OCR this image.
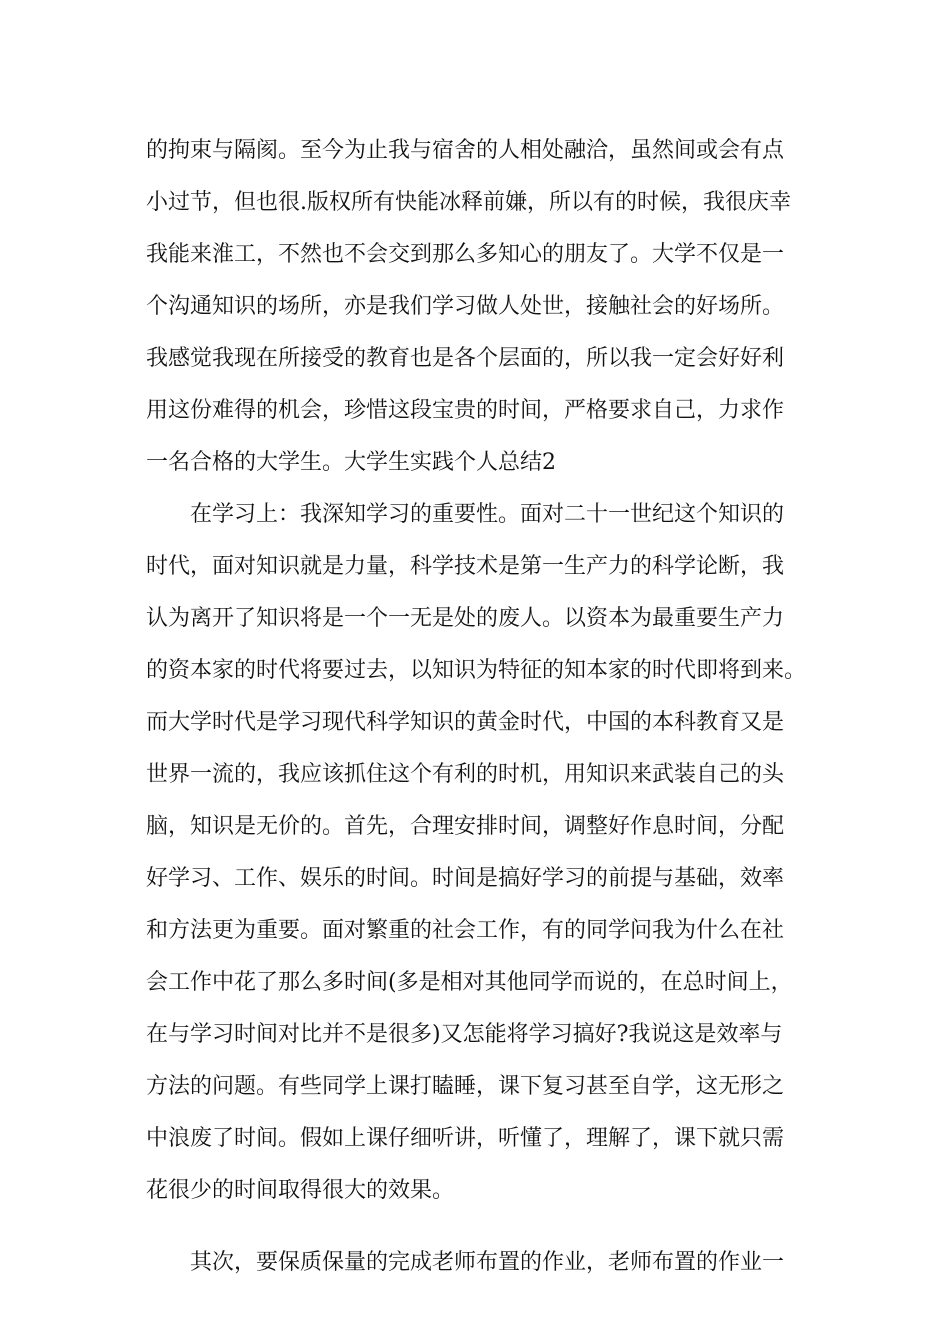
的拘束与隔阂。至今为止我与宿舍的人相处融洽，虽然间或会有点
小过节，但也很.版权所有快能冰释前嫌，所以有的时候，我很庆幸
我能来淮工，不然也不会交到那么多知心的朋友了。大学不仅是一
个沟通知识的场所，亦是我们学习做人处世，接触社会的好场所。
我感觉我现在所接受的教育也是各个层面的，所以我一定会好好利
用这份难得的机会，珍惜这段宝贵的时间，严格要求自己，力求作
一名合格的大学生。大学生实践个人总结2
在学习上：我深知学习的重要性。面对二十一世纪这个知识的
时代，面对知识就是力量，科学技术是第一生产力的科学论断，我
认为离开了知识将是一个一无是处的废人。以资本为最重要生产力
的资本家的时代将要过去，以知识为特征的知本家的时代即将到来。
而大学时代是学习现代科学知识的黄金时代，中国的本科教育又是
世界一流的，我应该抓住这个有利的时机，用知识来武装自己的头
脑，知识是无价的。首先，合理安排时间，调整好作息时间，分配
好学习、工作、娱乐的时间。时间是搞好学习的前提与基础，效率
和方法更为重要。面对繁重的社会工作，有的同学问我为什么在社
会工作中花了那么多时间(多是相对其他同学而说的，在总时间上，
在与学习时间对比并不是很多)又怎能将学习搞好?我说这是效率与
方法的问题。有些同学上课打瞌睡，课下复习甚至自学，这无形之
中浪废了时间。假如上课仔细听讲，听懂了，理解了，课下就只需
花很少的时间取得很大的效果。
其次，要保质保量的完成老师布置的作业，老师布置的作业一
